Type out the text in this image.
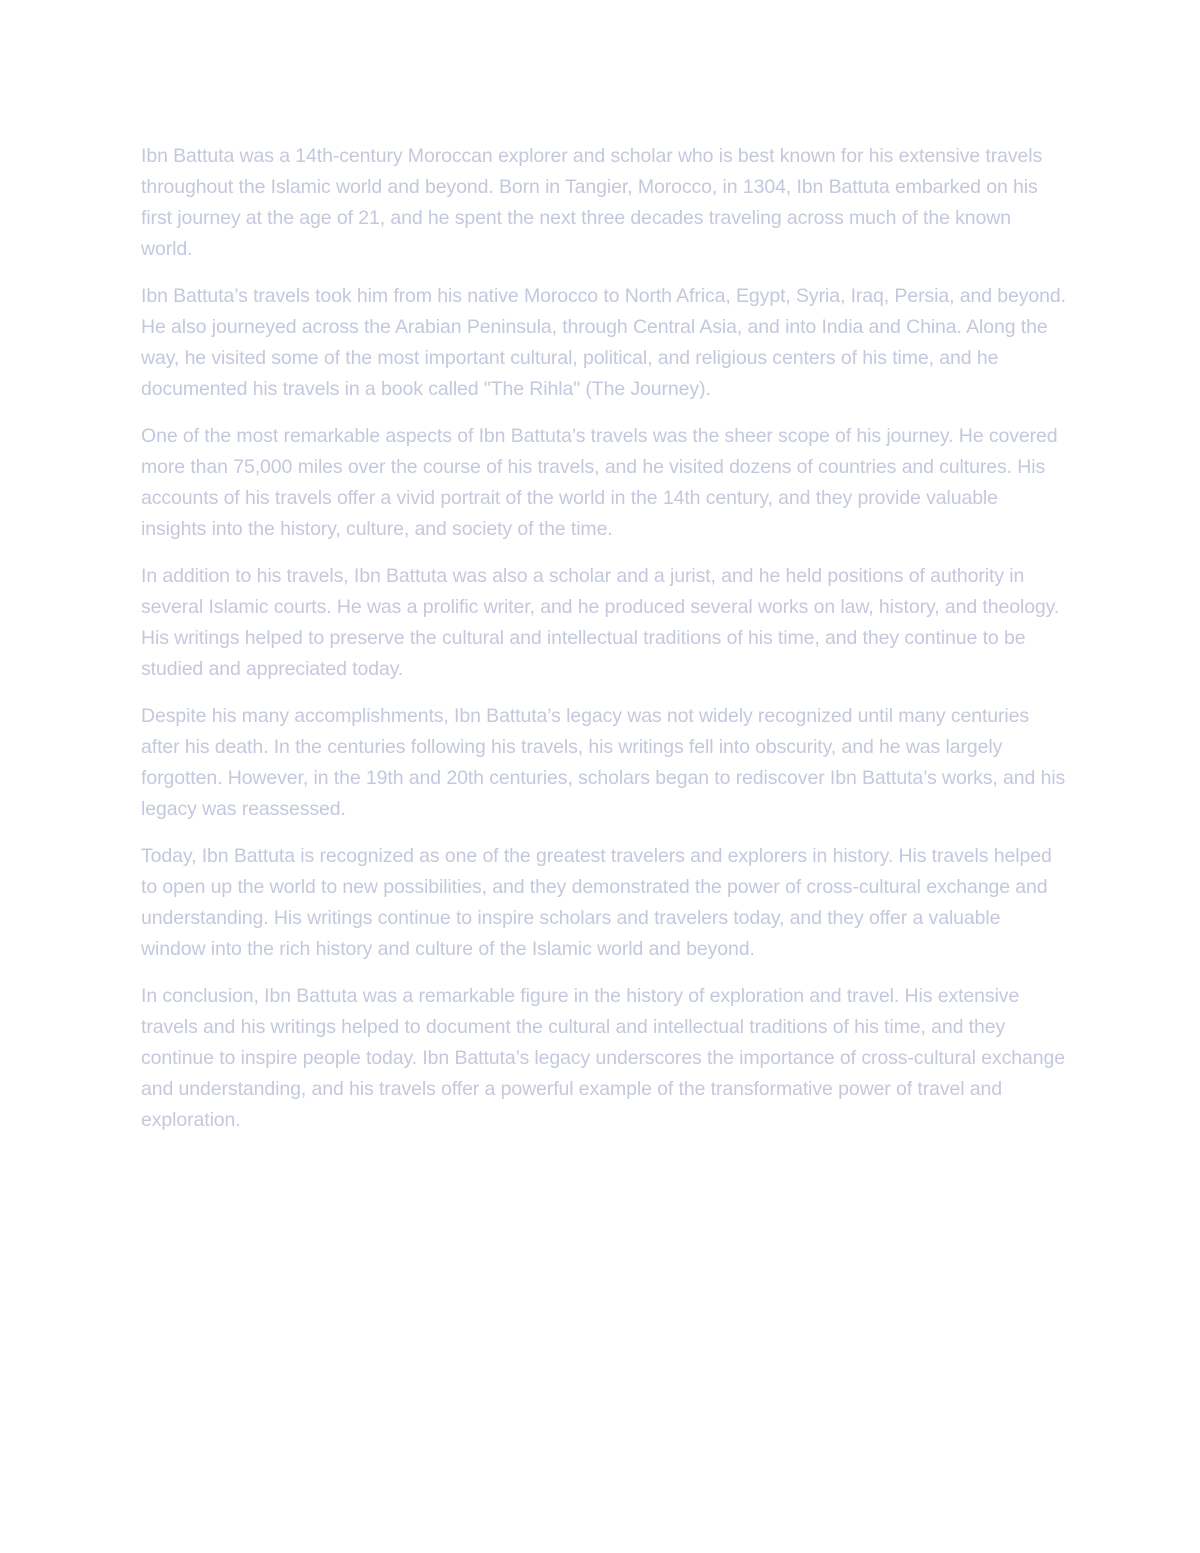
Ibn Battuta was a 14th-century Moroccan explorer and scholar who is best known for his extensive travels throughout the Islamic world and beyond. Born in Tangier, Morocco, in 1304, Ibn Battuta embarked on his first journey at the age of 21, and he spent the next three decades traveling across much of the known world.

Ibn Battuta’s travels took him from his native Morocco to North Africa, Egypt, Syria, Iraq, Persia, and beyond. He also journeyed across the Arabian Peninsula, through Central Asia, and into India and China. Along the way, he visited some of the most important cultural, political, and religious centers of his time, and he documented his travels in a book called "The Rihla" (The Journey).

One of the most remarkable aspects of Ibn Battuta’s travels was the sheer scope of his journey. He covered more than 75,000 miles over the course of his travels, and he visited dozens of countries and cultures. His accounts of his travels offer a vivid portrait of the world in the 14th century, and they provide valuable insights into the history, culture, and society of the time.

In addition to his travels, Ibn Battuta was also a scholar and a jurist, and he held positions of authority in several Islamic courts. He was a prolific writer, and he produced several works on law, history, and theology. His writings helped to preserve the cultural and intellectual traditions of his time, and they continue to be studied and appreciated today.

Despite his many accomplishments, Ibn Battuta’s legacy was not widely recognized until many centuries after his death. In the centuries following his travels, his writings fell into obscurity, and he was largely forgotten. However, in the 19th and 20th centuries, scholars began to rediscover Ibn Battuta’s works, and his legacy was reassessed.

Today, Ibn Battuta is recognized as one of the greatest travelers and explorers in history. His travels helped to open up the world to new possibilities, and they demonstrated the power of cross-cultural exchange and understanding. His writings continue to inspire scholars and travelers today, and they offer a valuable window into the rich history and culture of the Islamic world and beyond.

In conclusion, Ibn Battuta was a remarkable figure in the history of exploration and travel. His extensive travels and his writings helped to document the cultural and intellectual traditions of his time, and they continue to inspire people today. Ibn Battuta’s legacy underscores the importance of cross-cultural exchange and understanding, and his travels offer a powerful example of the transformative power of travel and exploration.
